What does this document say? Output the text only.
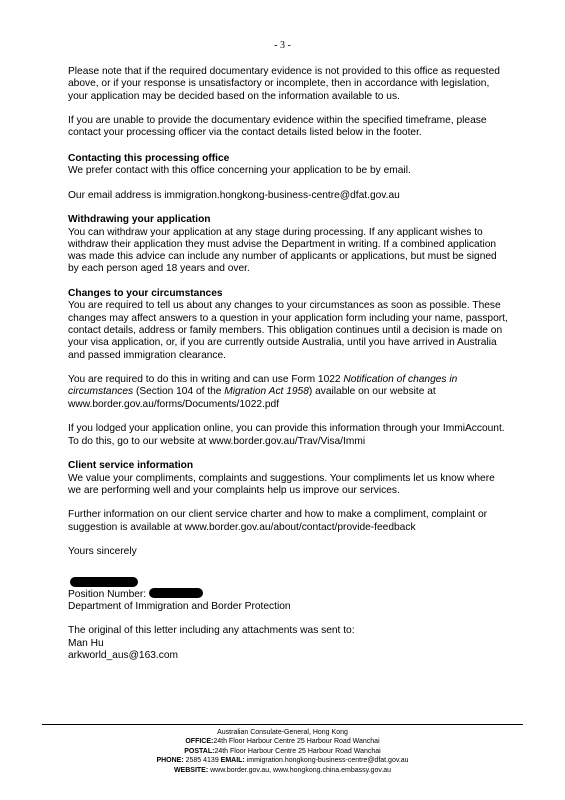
- 3 -

Please note that if the required documentary evidence is not provided to this office as requested above, or if your response is unsatisfactory or incomplete, then in accordance with legislation, your application may be decided based on the information available to us.

If you are unable to provide the documentary evidence within the specified timeframe, please contact your processing officer via the contact details listed below in the footer.

Contacting this processing office

We prefer contact with this office concerning your application to be by email.

Our email address is immigration.hongkong-business-centre@dfat.gov.au

Withdrawing your application

You can withdraw your application at any stage during processing. If any applicant wishes to withdraw their application they must advise the Department in writing. If a combined application was made this advice can include any number of applicants or applications, but must be signed by each person aged 18 years and over.

Changes to your circumstances

You are required to tell us about any changes to your circumstances as soon as possible. These changes may affect answers to a question in your application form including your name, passport, contact details, address or family members. This obligation continues until a decision is made on your visa application, or, if you are currently outside Australia, until you have arrived in Australia and passed immigration clearance.

You are required to do this in writing and can use Form 1022 Notification of changes in circumstances (Section 104 of the Migration Act 1958) available on our website at www.border.gov.au/forms/Documents/1022.pdf

If you lodged your application online, you can provide this information through your ImmiAccount. To do this, go to our website at www.border.gov.au/Trav/Visa/Immi

Client service information

We value your compliments, complaints and suggestions. Your compliments let us know where we are performing well and your complaints help us improve our services.

Further information on our client service charter and how to make a compliment, complaint or suggestion is available at www.border.gov.au/about/contact/provide-feedback

Yours sincerely

Position Number:

Department of Immigration and Border Protection

The original of this letter including any attachments was sent to:

Man Hu

arkworld_aus@163.com

Australian Consulate-General, Hong Kong
OFFICE:24th Floor Harbour Centre 25 Harbour Road Wanchai
POSTAL:24th Floor Harbour Centre 25 Harbour Road Wanchai
PHONE: 2585 4139 EMAIL: immigration.hongkong-business-centre@dfat.gov.au
WEBSITE: www.border.gov.au, www.hongkong.china.embassy.gov.au
